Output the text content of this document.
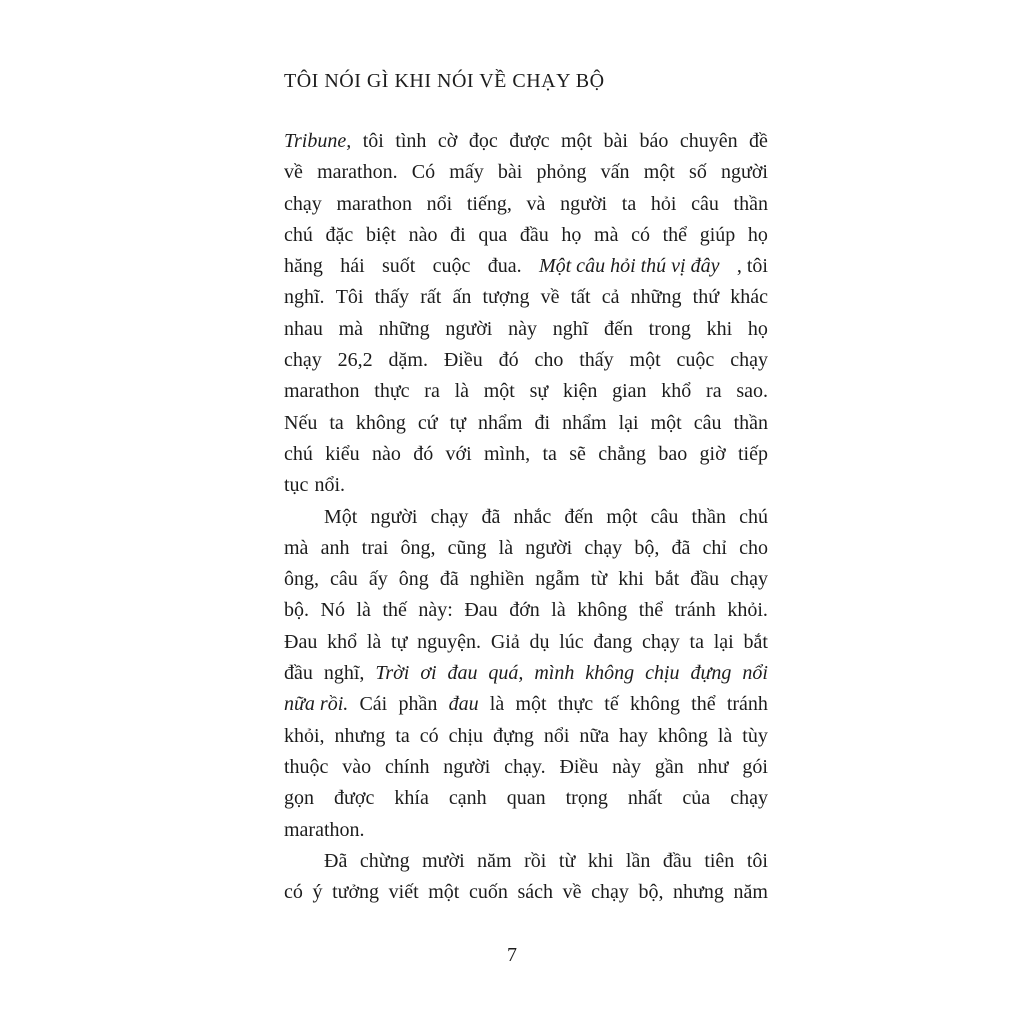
TÔI NÓI GÌ KHI NÓI VỀ CHẠY BỘ
Tribune, tôi tình cờ đọc được một bài báo chuyên đề
về marathon. Có mấy bài phỏng vấn một số người
chạy marathon nổi tiếng, và người ta hỏi câu thần
chú đặc biệt nào đi qua đầu họ mà có thể giúp họ
hăng hái suốt cuộc đua. Một câu hỏi thú vị đây , tôi
nghĩ. Tôi thấy rất ấn tượng về tất cả những thứ khác
nhau mà những người này nghĩ đến trong khi họ
chạy 26,2 dặm. Điều đó cho thấy một cuộc chạy
marathon thực ra là một sự kiện gian khổ ra sao.
Nếu ta không cứ tự nhẩm đi nhẩm lại một câu thần
chú kiểu nào đó với mình, ta sẽ chẳng bao giờ tiếp
tục nổi.
Một người chạy đã nhắc đến một câu thần chú
mà anh trai ông, cũng là người chạy bộ, đã chỉ cho
ông, câu ấy ông đã nghiền ngẫm từ khi bắt đầu chạy
bộ. Nó là thế này: Đau đớn là không thể tránh khỏi.
Đau khổ là tự nguyện. Giả dụ lúc đang chạy ta lại bắt
đầu nghĩ, Trời ơi đau quá, mình không chịu đựng nổi
nữa rồi. Cái phần đau là một thực tế không thể tránh
khỏi, nhưng ta có chịu đựng nổi nữa hay không là tùy
thuộc vào chính người chạy. Điều này gần như gói
gọn được khía cạnh quan trọng nhất của chạy
marathon.
Đã chừng mười năm rồi từ khi lần đầu tiên tôi
có ý tưởng viết một cuốn sách về chạy bộ, nhưng năm
7
